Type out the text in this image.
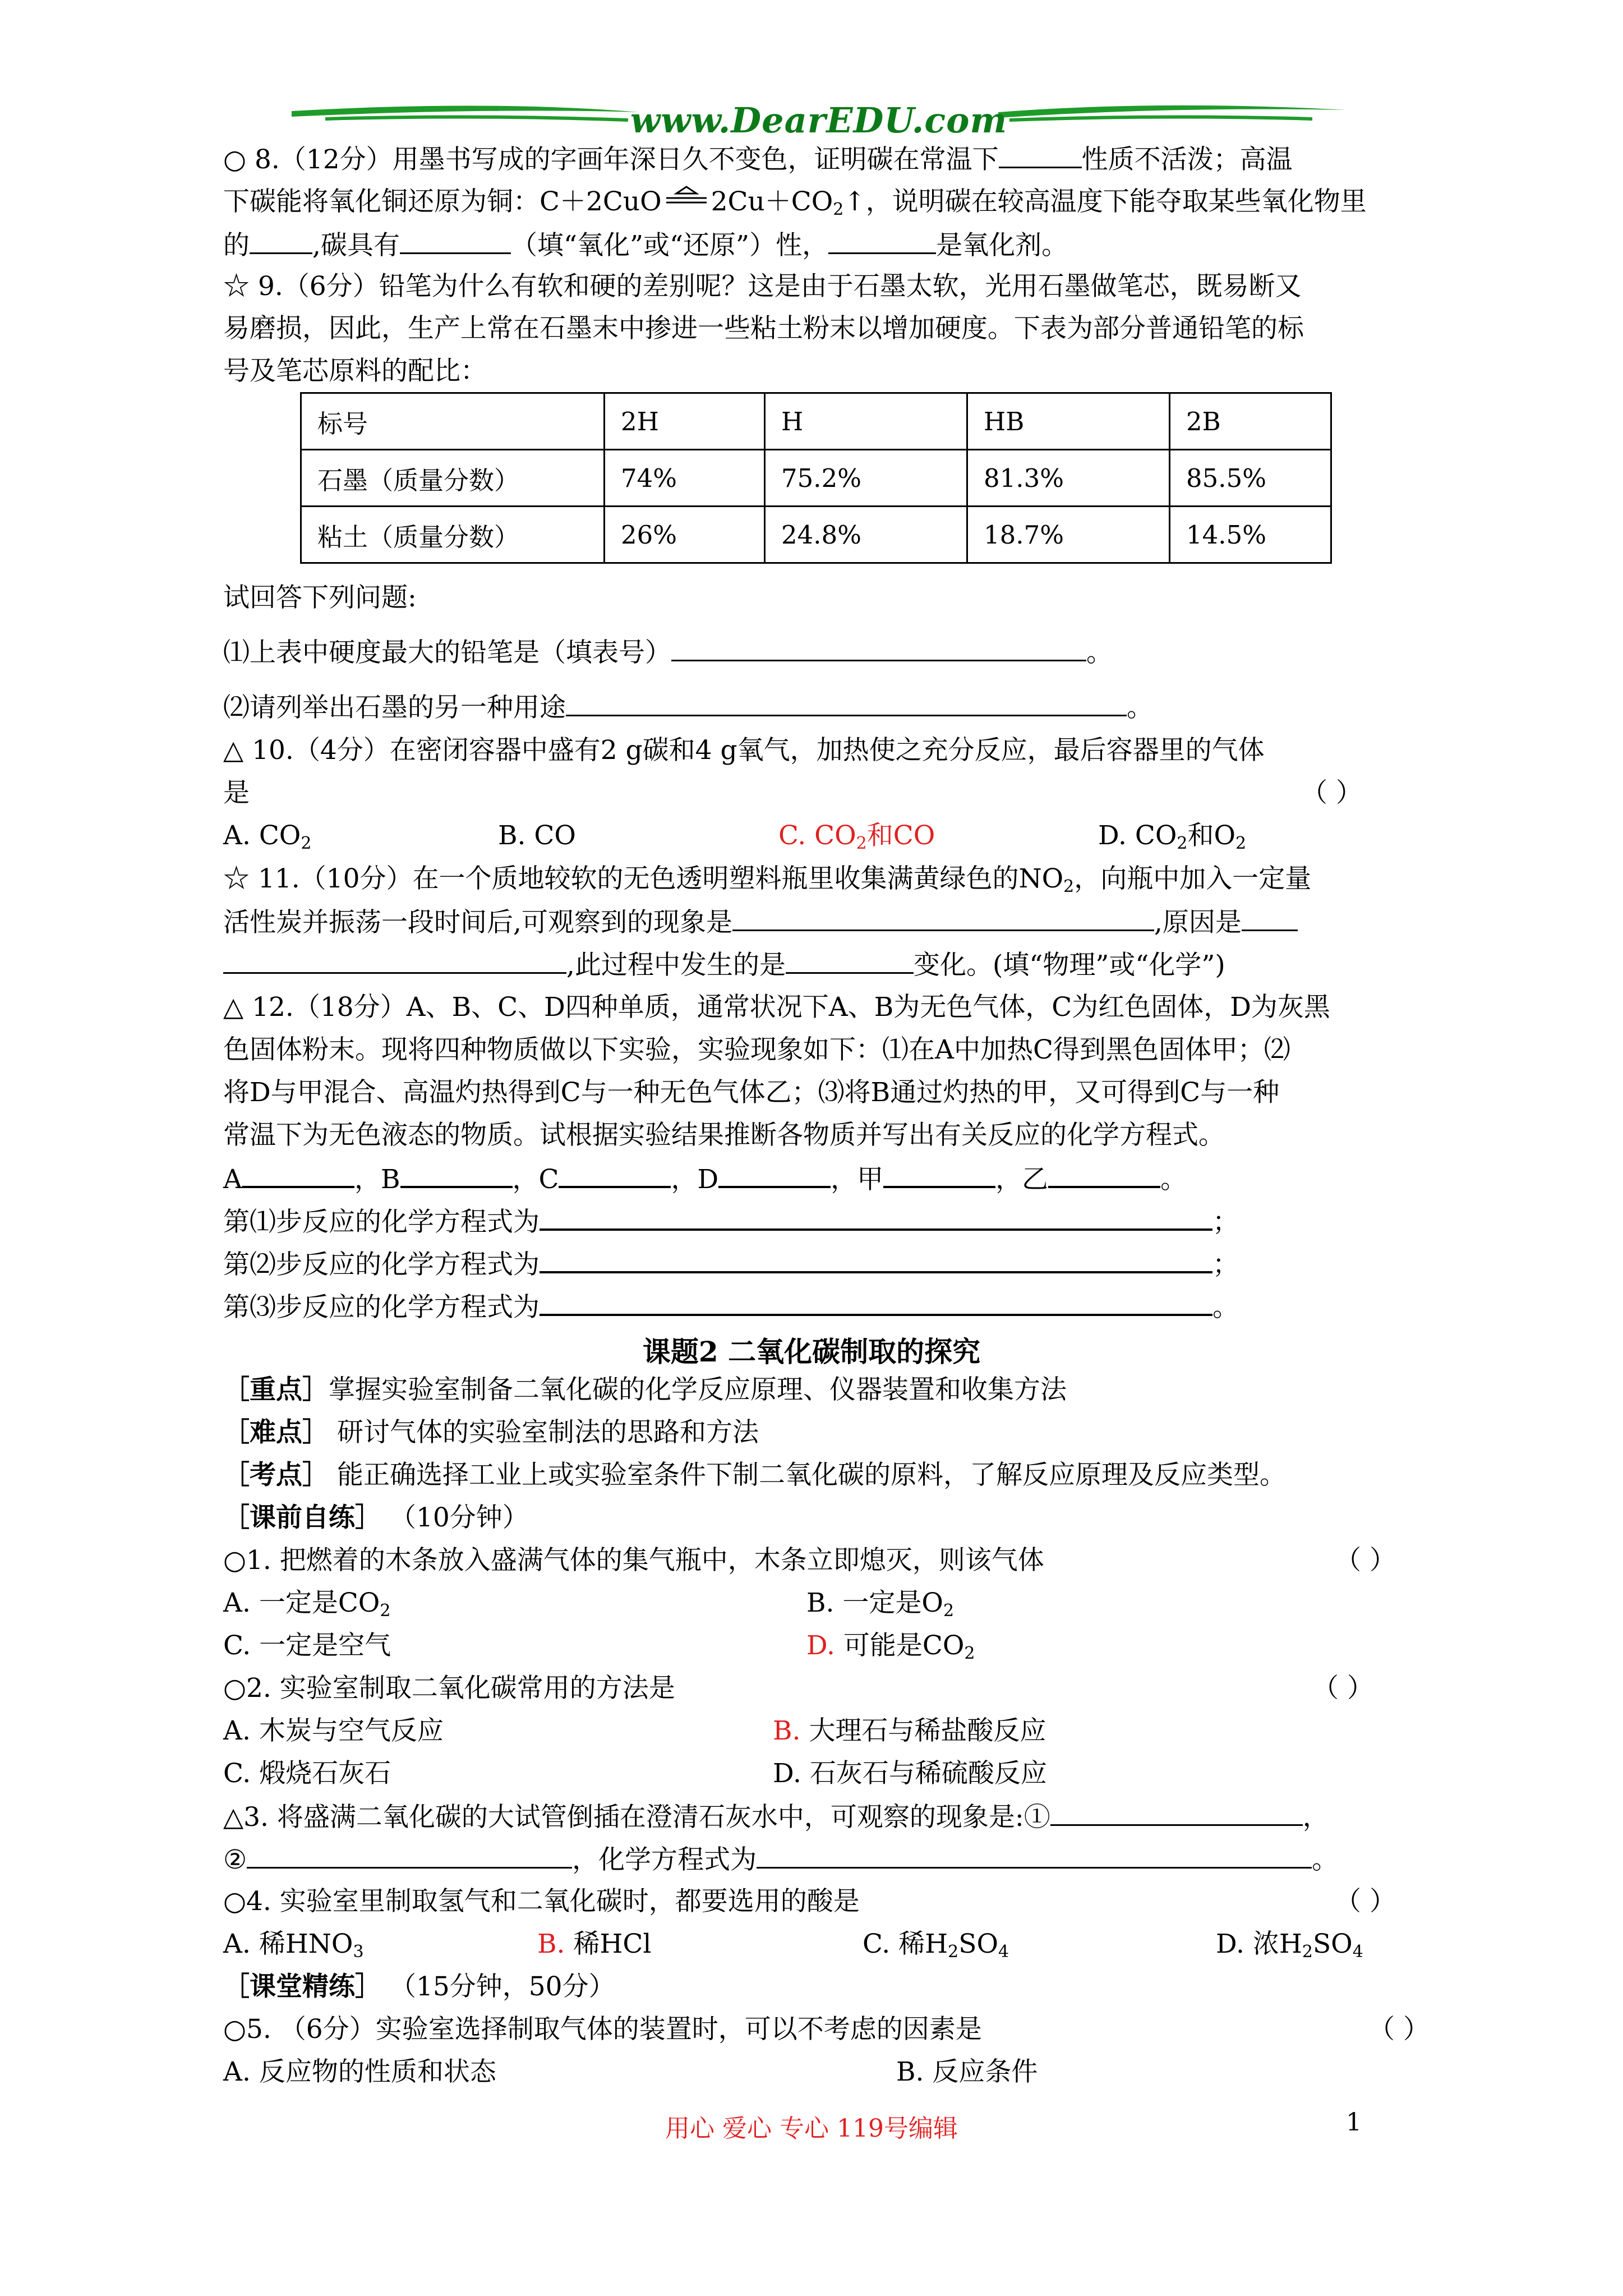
www.DearEDU.com
○ 8.（12分）用墨书写成的字画年深日久不变色，证明碳在常温下	性质不活泼；高温
下碳能将氧化铜还原为铜：C＋2CuO $2Cu+CO_2↑$，说明碳在较高温度下能夺取某些氧化物里
的 ,碳具有	（填“氧化”或“还原”）性，	是氧化剂。
☆ 9.（6分）铅笔为什么有软和硬的差别呢？这是由于石墨太软，光用石墨做笔芯，既易断又
易磨损，因此，生产上常在石墨末中掺进一些粘土粉末以增加硬度。下表为部分普通铅笔的标
号及笔芯原料的配比：
标号	2H	H	HB	2B
石墨（质量分数）	74%	75.2%	81.3%	85.5%
粘土（质量分数）	26%	24.8%	18.7%	14.5%
试回答下列问题:
⑴上表中硬度最大的铅笔是（填表号）	。
⑵请列举出石墨的另一种用途	。
△ 10.（4分）在密闭容器中盛有2 g碳和4 g氧气，加热使之充分反应，最后容器里的气体
是	（ ）
A. $CO_2$	B. CO	C. $CO_2$和CO	D. $CO_2$和$O_2$
☆ 11.（10分）在一个质地较软的无色透明塑料瓶里收集满黄绿色的$NO_2$，向瓶中加入一定量
活性炭并振荡一段时间后,可观察到的现象是	,原因是
,此过程中发生的是	变化。(填“物理”或“化学”)
△ 12.（18分）A、B、C、D四种单质，通常状况下A、B为无色气体，C为红色固体，D为灰黑
色固体粉末。现将四种物质做以下实验，实验现象如下：⑴在A中加热C得到黑色固体甲；⑵
将D与甲混合、高温灼热得到C与一种无色气体乙；⑶将B通过灼热的甲，又可得到C与一种
常温下为无色液态的物质。试根据实验结果推断各物质并写出有关反应的化学方程式。
A	，B	，C	，D	，甲	，乙	。
第⑴步反应的化学方程式为	；
第⑵步反应的化学方程式为	；
第⑶步反应的化学方程式为	。
课题2 二氧化碳制取的探究
［重点］掌握实验室制备二氧化碳的化学反应原理、仪器装置和收集方法
［难点］ 研讨气体的实验室制法的思路和方法
［考点］ 能正确选择工业上或实验室条件下制二氧化碳的原料，了解反应原理及反应类型。
［课前自练］ （10分钟）
○1. 把燃着的木条放入盛满气体的集气瓶中，木条立即熄灭，则该气体	（ ）
A. 一定是$CO_2$	B. 一定是$O_2$
C. 一定是空气	D. 可能是$CO_2$
○2. 实验室制取二氧化碳常用的方法是	（ ）
A. 木炭与空气反应	B. 大理石与稀盐酸反应
C. 煅烧石灰石	D. 石灰石与稀硫酸反应
△3. 将盛满二氧化碳的大试管倒插在澄清石灰水中，可观察的现象是:①	，
②	，化学方程式为	。
○4. 实验室里制取氢气和二氧化碳时，都要选用的酸是	（ ）
A. 稀$HNO_3$	B. 稀HCl	C. 稀$H_2SO_4$	D. 浓$H_2SO_4$
［课堂精练］ （15分钟，50分）
○5. （6分）实验室选择制取气体的装置时，可以不考虑的因素是	（ ）
A. 反应物的性质和状态	B. 反应条件
用心 爱心 专心 119号编辑	1
